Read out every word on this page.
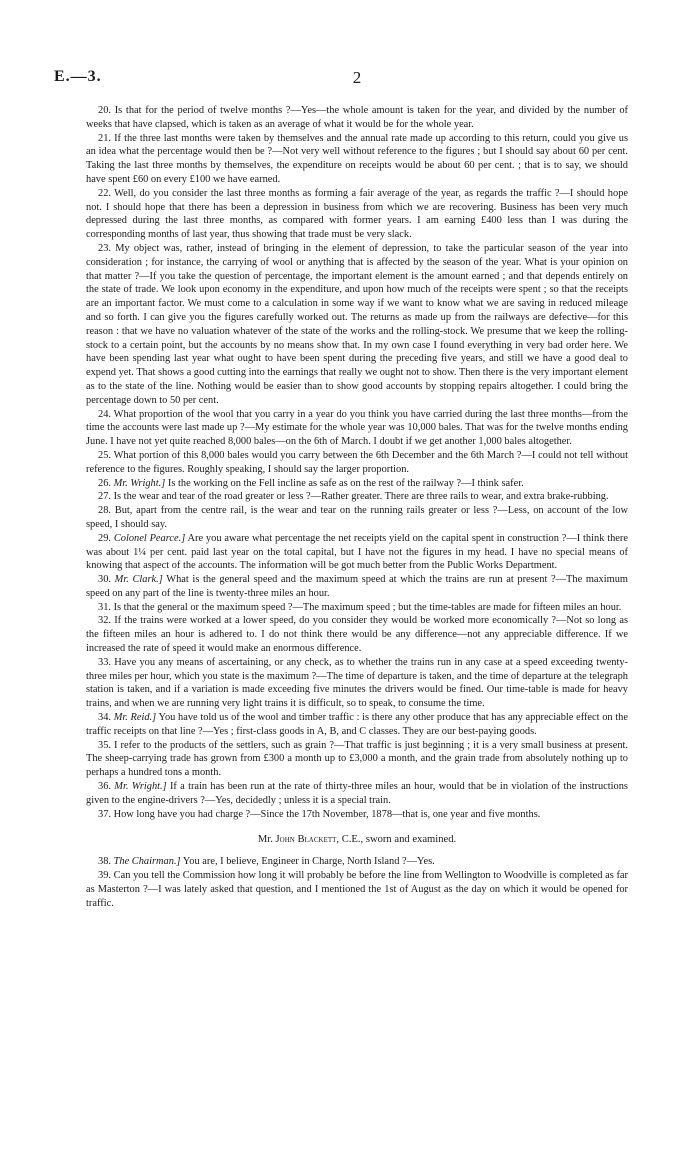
E.—3.	2

20. Is that for the period of twelve months ?—Yes—the whole amount is taken for the year, and divided by the number of weeks that have clapsed, which is taken as an average of what it would be for the whole year.

21. If the three last months were taken by themselves and the annual rate made up according to this return, could you give us an idea what the percentage would then be ?—Not very well without reference to the figures ; but I should say about 60 per cent. Taking the last three months by themselves, the expenditure on receipts would be about 60 per cent. ; that is to say, we should have spent £60 on every £100 we have earned.

22. Well, do you consider the last three months as forming a fair average of the year, as regards the traffic ?—I should hope not. I should hope that there has been a depression in business from which we are recovering. Business has been very much depressed during the last three months, as compared with former years. I am earning £400 less than I was during the corresponding months of last year, thus showing that trade must be very slack.

23. My object was, rather, instead of bringing in the element of depression, to take the particular season of the year into consideration ; for instance, the carrying of wool or anything that is affected by the season of the year. What is your opinion on that matter ?—If you take the question of percentage, the important element is the amount earned ; and that depends entirely on the state of trade. We look upon economy in the expenditure, and upon how much of the receipts were spent ; so that the receipts are an important factor. We must come to a calculation in some way if we want to know what we are saving in reduced mileage and so forth. I can give you the figures carefully worked out. The returns as made up from the railways are defective—for this reason : that we have no valuation whatever of the state of the works and the rolling-stock. We presume that we keep the rolling-stock to a certain point, but the accounts by no means show that. In my own case I found everything in very bad order here. We have been spending last year what ought to have been spent during the preceding five years, and still we have a good deal to expend yet. That shows a good cutting into the earnings that really we ought not to show. Then there is the very important element as to the state of the line. Nothing would be easier than to show good accounts by stopping repairs altogether. I could bring the percentage down to 50 per cent.

24. What proportion of the wool that you carry in a year do you think you have carried during the last three months—from the time the accounts were last made up ?—My estimate for the whole year was 10,000 bales. That was for the twelve months ending June. I have not yet quite reached 8,000 bales—on the 6th of March. I doubt if we get another 1,000 bales altogether.

25. What portion of this 8,000 bales would you carry between the 6th December and the 6th March ?—I could not tell without reference to the figures. Roughly speaking, I should say the larger proportion.

26. Mr. Wright.] Is the working on the Fell incline as safe as on the rest of the railway ?—I think safer.

27. Is the wear and tear of the road greater or less ?—Rather greater. There are three rails to wear, and extra brake-rubbing.

28. But, apart from the centre rail, is the wear and tear on the running rails greater or less ?—Less, on account of the low speed, I should say.

29. Colonel Pearce.] Are you aware what percentage the net receipts yield on the capital spent in construction ?—I think there was about 1¼ per cent. paid last year on the total capital, but I have not the figures in my head. I have no special means of knowing that aspect of the accounts. The information will be got much better from the Public Works Department.

30. Mr. Clark.] What is the general speed and the maximum speed at which the trains are run at present ?—The maximum speed on any part of the line is twenty-three miles an hour.

31. Is that the general or the maximum speed ?—The maximum speed ; but the time-tables are made for fifteen miles an hour.

32. If the trains were worked at a lower speed, do you consider they would be worked more economically ?—Not so long as the fifteen miles an hour is adhered to. I do not think there would be any difference—not any appreciable difference. If we increased the rate of speed it would make an enormous difference.

33. Have you any means of ascertaining, or any check, as to whether the trains run in any case at a speed exceeding twenty-three miles per hour, which you state is the maximum ?—The time of departure is taken, and the time of departure at the telegraph station is taken, and if a variation is made exceeding five minutes the drivers would be fined. Our time-table is made for heavy trains, and when we are running very light trains it is difficult, so to speak, to consume the time.

34. Mr. Reid.] You have told us of the wool and timber traffic : is there any other produce that has any appreciable effect on the traffic receipts on that line ?—Yes ; first-class goods in A, B, and C classes. They are our best-paying goods.

35. I refer to the products of the settlers, such as grain ?—That traffic is just beginning ; it is a very small business at present. The sheep-carrying trade has grown from £300 a month up to £3,000 a month, and the grain trade from absolutely nothing up to perhaps a hundred tons a month.

36. Mr. Wright.] If a train has been run at the rate of thirty-three miles an hour, would that be in violation of the instructions given to the engine-drivers ?—Yes, decidedly ; unless it is a special train.

37. How long have you had charge ?—Since the 17th November, 1878—that is, one year and five months.

Mr. John Blackett, C.E., sworn and examined.

38. The Chairman.] You are, I believe, Engineer in Charge, North Island ?—Yes.

39. Can you tell the Commission how long it will probably be before the line from Wellington to Woodville is completed as far as Masterton ?—I was lately asked that question, and I mentioned the 1st of August as the day on which it would be opened for traffic.
